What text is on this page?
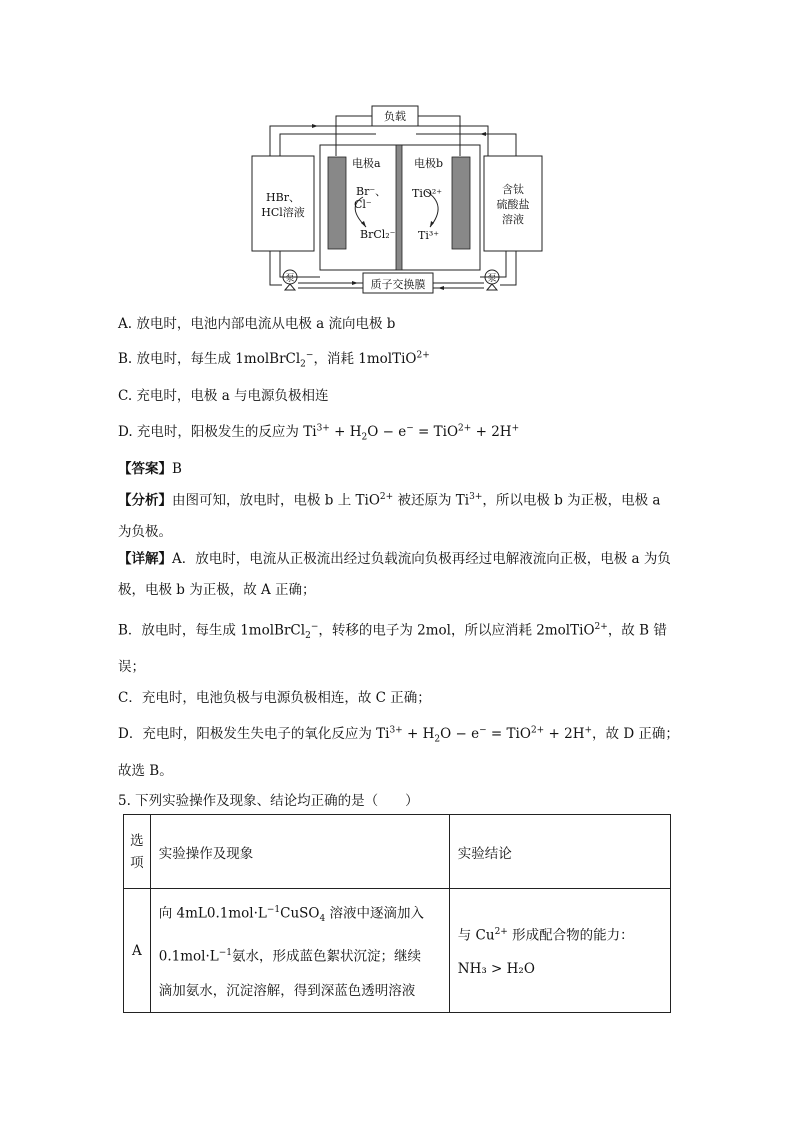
负载
电极a	电极b
HBr、
HCl溶液
含钛
硫酸盐
溶液
Br⁻、
Cl⁻
BrCl₂⁻
TiO²⁺
Ti³⁺
泵	泵
质子交换膜
A. 放电时，电池内部电流从电极 a 流向电极 b
B. 放电时，每生成 1molBrCl$_2$−，消耗 1molTiO$^{2+}$
C. 充电时，电极 a 与电源负极相连
D. 充电时，阳极发生的反应为 $Ti^{3+} + H_2O - e^- = TiO^{2+} + 2H^+$
【答案】B
【分析】由图可知，放电时，电极 b 上 TiO$^{2+}$ 被还原为 $Ti^{3+}$，所以电极 b 为正极，电极 a 为负极。
【详解】A．放电时，电流从正极流出经过负载流向负极再经过电解液流向正极，电极 a 为负极，电极 b 为正极，故 A 正确；
B．放电时，每生成 1molBrCl$_2$−，转移的电子为 2mol，所以应消耗 2molTiO$^{2+}$，故 B 错误；
C．充电时，电池负极与电源负极相连，故 C 正确；
D．充电时，阳极发生失电子的氧化反应为 $Ti^{3+} + H_2O - e^- = TiO^{2+} + 2H^+$，故 D 正确；
故选 B。
5. 下列实验操作及现象、结论均正确的是（　　）
选项	实验操作及现象	实验结论
A	向 $4mL0.1mol\cdot L^{-1}CuSO_4$ 溶液中逐滴加入
$0.1mol\cdot L^{-1}$氨水，形成蓝色絮状沉淀；继续
滴加氨水，沉淀溶解，得到深蓝色透明溶液	与 $Cu^{2+}$ 形成配合物的能力：
NH₃ > H₂O
